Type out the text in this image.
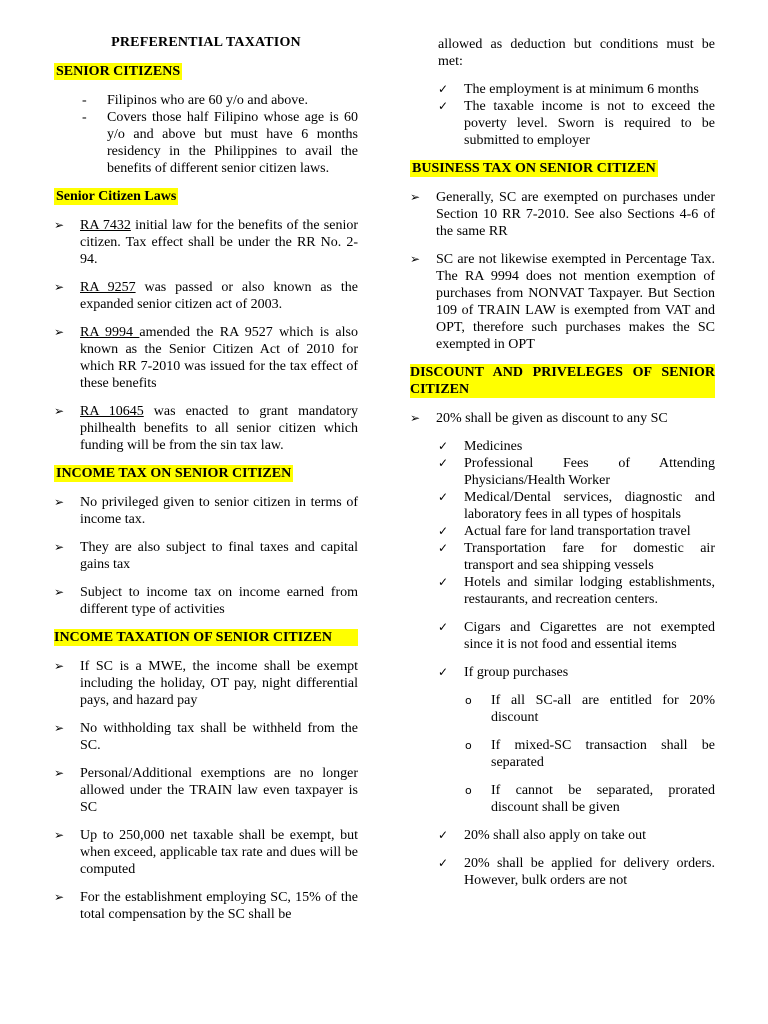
PREFERENTIAL TAXATION
SENIOR CITIZENS
- Filipinos who are 60 y/o and above.
- Covers those half Filipino whose age is 60 y/o and above but must have 6 months residency in the Philippines to avail the benefits of different senior citizen laws.
Senior Citizen Laws
➢ RA 7432 initial law for the benefits of the senior citizen. Tax effect shall be under the RR No. 2-94.
➢ RA 9257 was passed or also known as the expanded senior citizen act of 2003.
➢ RA 9994 amended the RA 9527 which is also known as the Senior Citizen Act of 2010 for which RR 7-2010 was issued for the tax effect of these benefits
➢ RA 10645 was enacted to grant mandatory philhealth benefits to all senior citizen which funding will be from the sin tax law.
INCOME TAX ON SENIOR CITIZEN
➢ No privileged given to senior citizen in terms of income tax.
➢ They are also subject to final taxes and capital gains tax
➢ Subject to income tax on income earned from different type of activities
INCOME TAXATION OF SENIOR CITIZEN
➢ If SC is a MWE, the income shall be exempt including the holiday, OT pay, night differential pays, and hazard pay
➢ No withholding tax shall be withheld from the SC.
➢ Personal/Additional exemptions are no longer allowed under the TRAIN law even taxpayer is SC
➢ Up to 250,000 net taxable shall be exempt, but when exceed, applicable tax rate and dues will be computed
➢ For the establishment employing SC, 15% of the total compensation by the SC shall be
allowed as deduction but conditions must be met:
✓ The employment is at minimum 6 months
✓ The taxable income is not to exceed the poverty level. Sworn is required to be submitted to employer
BUSINESS TAX ON SENIOR CITIZEN
➢ Generally, SC are exempted on purchases under Section 10 RR 7-2010. See also Sections 4-6 of the same RR
➢ SC are not likewise exempted in Percentage Tax. The RA 9994 does not mention exemption of purchases from NONVAT Taxpayer. But Section 109 of TRAIN LAW is exempted from VAT and OPT, therefore such purchases makes the SC exempted in OPT
DISCOUNT AND PRIVELEGES OF SENIOR CITIZEN
➢ 20% shall be given as discount to any SC
✓ Medicines
✓ Professional Fees of Attending Physicians/Health Worker
✓ Medical/Dental services, diagnostic and laboratory fees in all types of hospitals
✓ Actual fare for land transportation travel
✓ Transportation fare for domestic air transport and sea shipping vessels
✓ Hotels and similar lodging establishments, restaurants, and recreation centers.
✓ Cigars and Cigarettes are not exempted since it is not food and essential items
✓ If group purchases
o If all SC-all are entitled for 20% discount
o If mixed-SC transaction shall be separated
o If cannot be separated, prorated discount shall be given
✓ 20% shall also apply on take out
✓ 20% shall be applied for delivery orders. However, bulk orders are not
